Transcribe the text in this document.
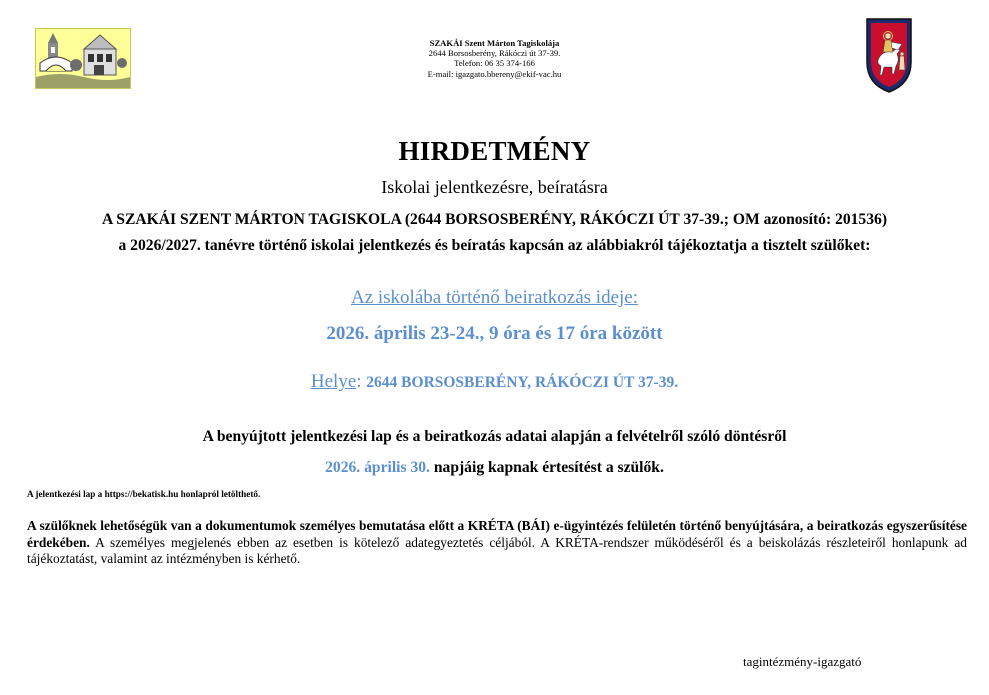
SZAKÁI Szent Márton Tagiskolája
2644 Borsosberény, Rákóczi út 37-39.
Telefon: 06 35 374-166
E-mail: igazgato.bbereny@ekif-vac.hu
HIRDETMÉNY
Iskolai jelentkezésre, beíratásra
A SZAKÁI SZENT MÁRTON TAGISKOLA (2644 BORSOSBERÉNY, RÁKÓCZI ÚT 37-39.; OM azonosító: 201536)
a 2026/2027. tanévre történő iskolai jelentkezés és beíratás kapcsán az alábbiakról tájékoztatja a tisztelt szülőket:
Az iskolába történő beiratkozás ideje:
2026. április 23-24., 9 óra és 17 óra között
Helye: 2644 BORSOSBERÉNY, RÁKÓCZI ÚT 37-39.
A benyújtott jelentkezési lap és a beiratkozás adatai alapján a felvételről szóló döntésről
2026. április 30. napjáig kapnak értesítést a szülők.
A jelentkezési lap a https://bekatisk.hu honlapról letölthető.
A szülőknek lehetőségük van a dokumentumok személyes bemutatása előtt a KRÉTA (BÁI) e-ügyintézés felületén történő benyújtására, a beiratkozás egyszerűsítése érdekében. A személyes megjelenés ebben az esetben is kötelező adategyeztetés céljából. A KRÉTA-rendszer működéséről és a beiskolázás részleteiről honlapunk ad tájékoztatást, valamint az intézményben is kérhető.
tagintézmény-igazgató
